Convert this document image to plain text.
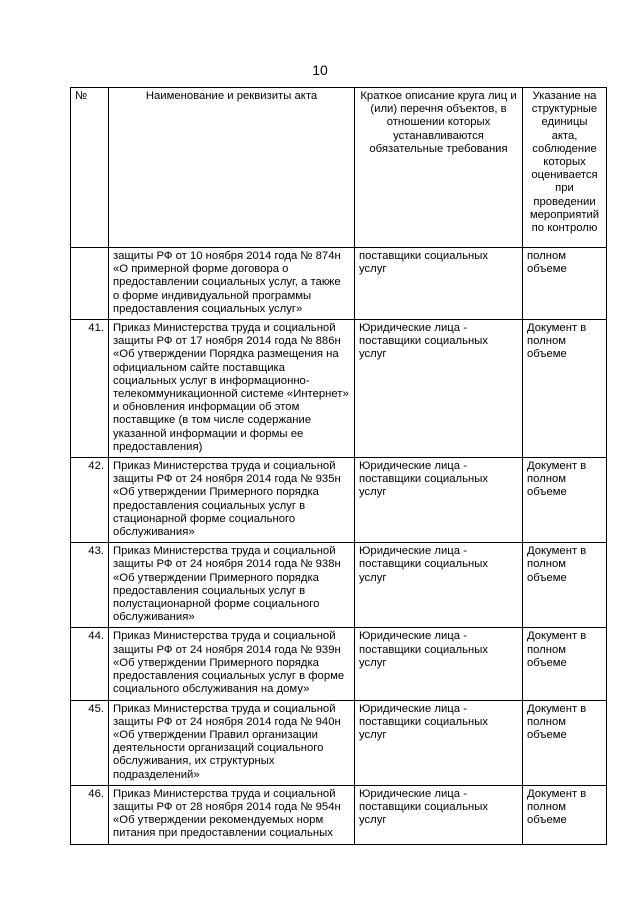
10
№	Наименование и реквизиты акта	Краткое описание круга лиц и (или) перечня объектов, в отношении которых устанавливаются обязательные требования	Указание на структурные единицы акта, соблюдение которых оценивается при проведении мероприятий по контролю
	защиты РФ от 10 ноября 2014 года № 874н «О примерной форме договора о предоставлении социальных услуг, а также о форме индивидуальной программы предоставления социальных услуг»	поставщики социальных услуг	полном объеме
41.	Приказ Министерства труда и социальной защиты РФ от 17 ноября 2014 года № 886н «Об утверждении Порядка размещения на официальном сайте поставщика социальных услуг в информационно-телекоммуникационной системе «Интернет» и обновления информации об этом поставщике (в том числе содержание указанной информации и формы ее предоставления)	Юридические лица - поставщики социальных услуг	Документ в полном объеме
42.	Приказ Министерства труда и социальной защиты РФ от 24 ноября 2014 года № 935н «Об утверждении Примерного порядка предоставления социальных услуг в стационарной форме социального обслуживания»	Юридические лица - поставщики социальных услуг	Документ в полном объеме
43.	Приказ Министерства труда и социальной защиты РФ от 24 ноября 2014 года № 938н «Об утверждении Примерного порядка предоставления социальных услуг в полустационарной форме социального обслуживания»	Юридические лица - поставщики социальных услуг	Документ в полном объеме
44.	Приказ Министерства труда и социальной защиты РФ от 24 ноября 2014 года № 939н «Об утверждении Примерного порядка предоставления социальных услуг в форме социального обслуживания на дому»	Юридические лица - поставщики социальных услуг	Документ в полном объеме
45.	Приказ Министерства труда и социальной защиты РФ от 24 ноября 2014 года № 940н «Об утверждении Правил организации деятельности организаций социального обслуживания, их структурных подразделений»	Юридические лица - поставщики социальных услуг	Документ в полном объеме
46.	Приказ Министерства труда и социальной защиты РФ от 28 ноября 2014 года № 954н «Об утверждении рекомендуемых норм питания при предоставлении социальных	Юридические лица - поставщики социальных услуг	Документ в полном объеме
